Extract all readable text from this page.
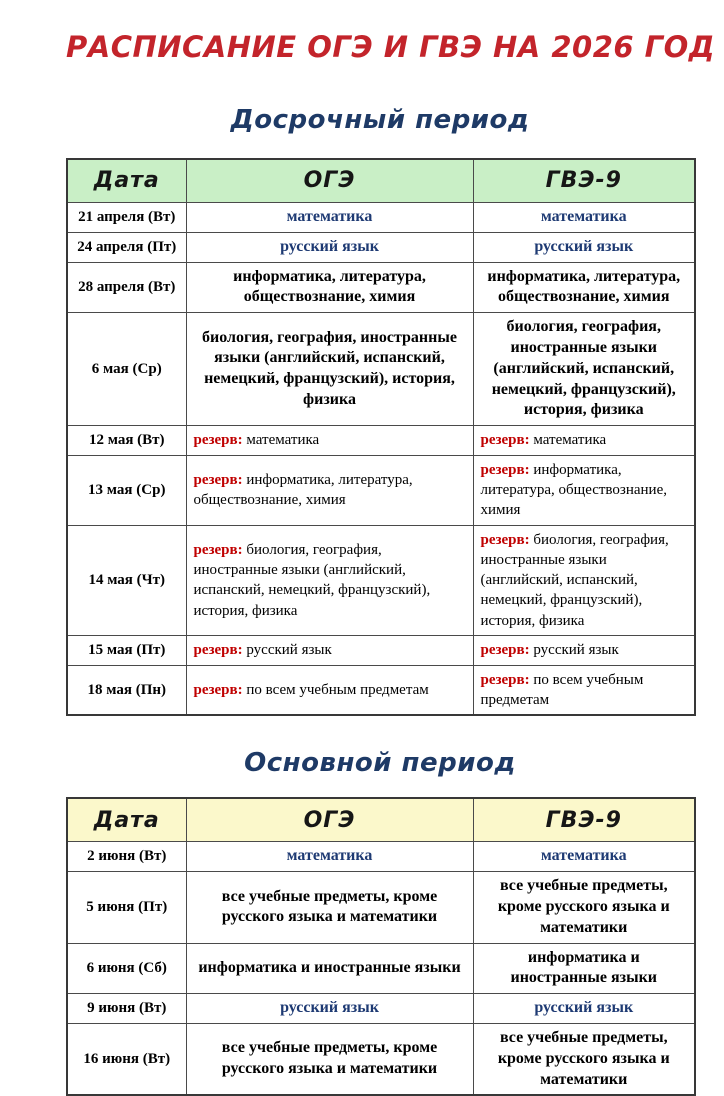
РАСПИСАНИЕ ОГЭ И ГВЭ НА 2026 ГОД
Досрочный период
Дата	ОГЭ	ГВЭ-9
21 апреля (Вт)	математика	математика
24 апреля (Пт)	русский язык	русский язык
28 апреля (Вт)	информатика, литература, обществознание, химия	информатика, литература, обществознание, химия
6 мая (Ср)	биология, география, иностранные языки (английский, испанский, немецкий, французский), история, физика	биология, география, иностранные языки (английский, испанский, немецкий, французский), история, физика
12 мая (Вт)	резерв: математика	резерв: математика
13 мая (Ср)	резерв: информатика, литература, обществознание, химия	резерв: информатика, литература, обществознание, химия
14 мая (Чт)	резерв: биология, география, иностранные языки (английский, испанский, немецкий, французский), история, физика	резерв: биология, география, иностранные языки (английский, испанский, немецкий, французский), история, физика
15 мая (Пт)	резерв: русский язык	резерв: русский язык
18 мая (Пн)	резерв: по всем учебным предметам	резерв: по всем учебным предметам
Основной период
Дата	ОГЭ	ГВЭ-9
2 июня (Вт)	математика	математика
5 июня (Пт)	все учебные предметы, кроме русского языка и математики	все учебные предметы, кроме русского языка и математики
6 июня (Сб)	информатика и иностранные языки	информатика и иностранные языки
9 июня (Вт)	русский язык	русский язык
16 июня (Вт)	все учебные предметы, кроме русского языка и математики	все учебные предметы, кроме русского языка и математики
